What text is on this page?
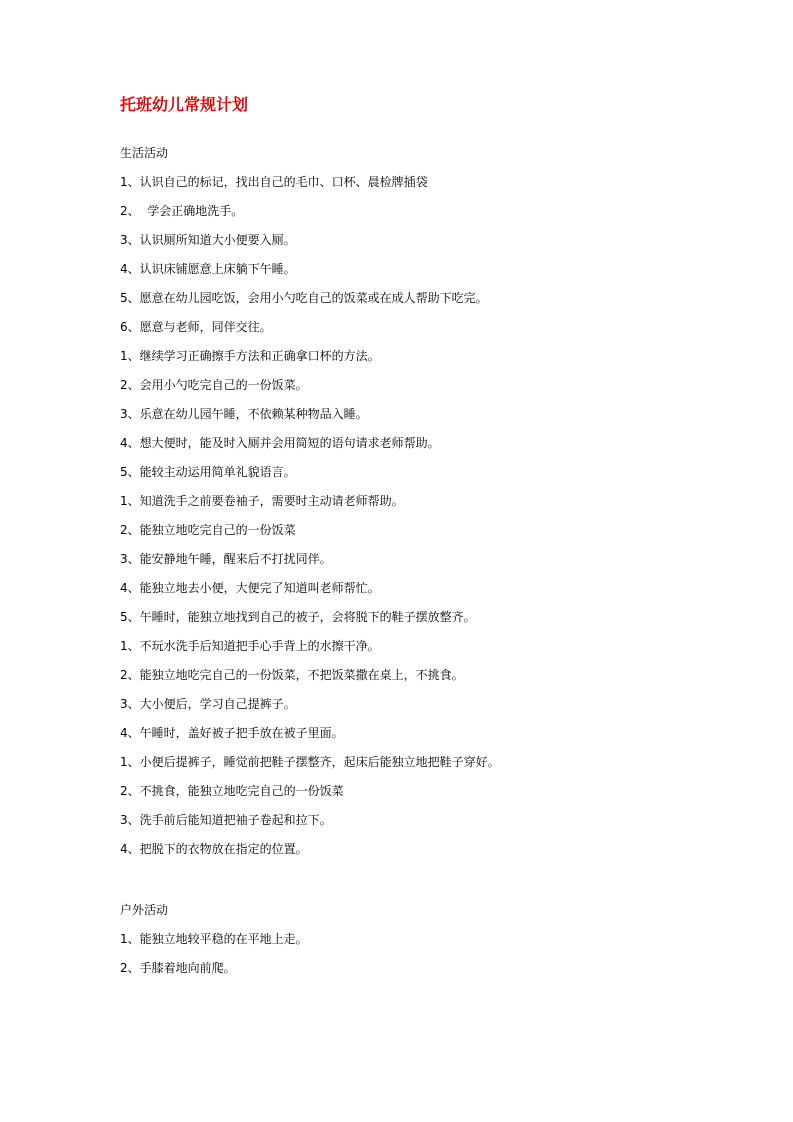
托班幼儿常规计划

生活活动

1、认识自己的标记，找出自己的毛巾、口杯、晨检牌插袋

2、  学会正确地洗手。

3、认识厕所知道大小便要入厕。

4、认识床铺愿意上床躺下午睡。

5、愿意在幼儿园吃饭，会用小勺吃自己的饭菜或在成人帮助下吃完。

6、愿意与老师，同伴交往。

1、继续学习正确擦手方法和正确拿口杯的方法。

2、会用小勺吃完自己的一份饭菜。

3、乐意在幼儿园午睡，不依赖某种物品入睡。

4、想大便时，能及时入厕并会用简短的语句请求老师帮助。

5、能较主动运用简单礼貌语言。

1、知道洗手之前要卷袖子，需要时主动请老师帮助。

2、能独立地吃完自己的一份饭菜

3、能安静地午睡，醒来后不打扰同伴。

4、能独立地去小便，大便完了知道叫老师帮忙。

5、午睡时，能独立地找到自己的被子，会将脱下的鞋子摆放整齐。

1、不玩水洗手后知道把手心手背上的水擦干净。

2、能独立地吃完自己的一份饭菜，不把饭菜撒在桌上，不挑食。

3、大小便后，学习自己提裤子。

4、午睡时，盖好被子把手放在被子里面。

1、小便后提裤子，睡觉前把鞋子摆整齐，起床后能独立地把鞋子穿好。

2、不挑食，能独立地吃完自己的一份饭菜

3、洗手前后能知道把袖子卷起和拉下。

4、把脱下的衣物放在指定的位置。

户外活动

1、能独立地较平稳的在平地上走。

2、手膝着地向前爬。
